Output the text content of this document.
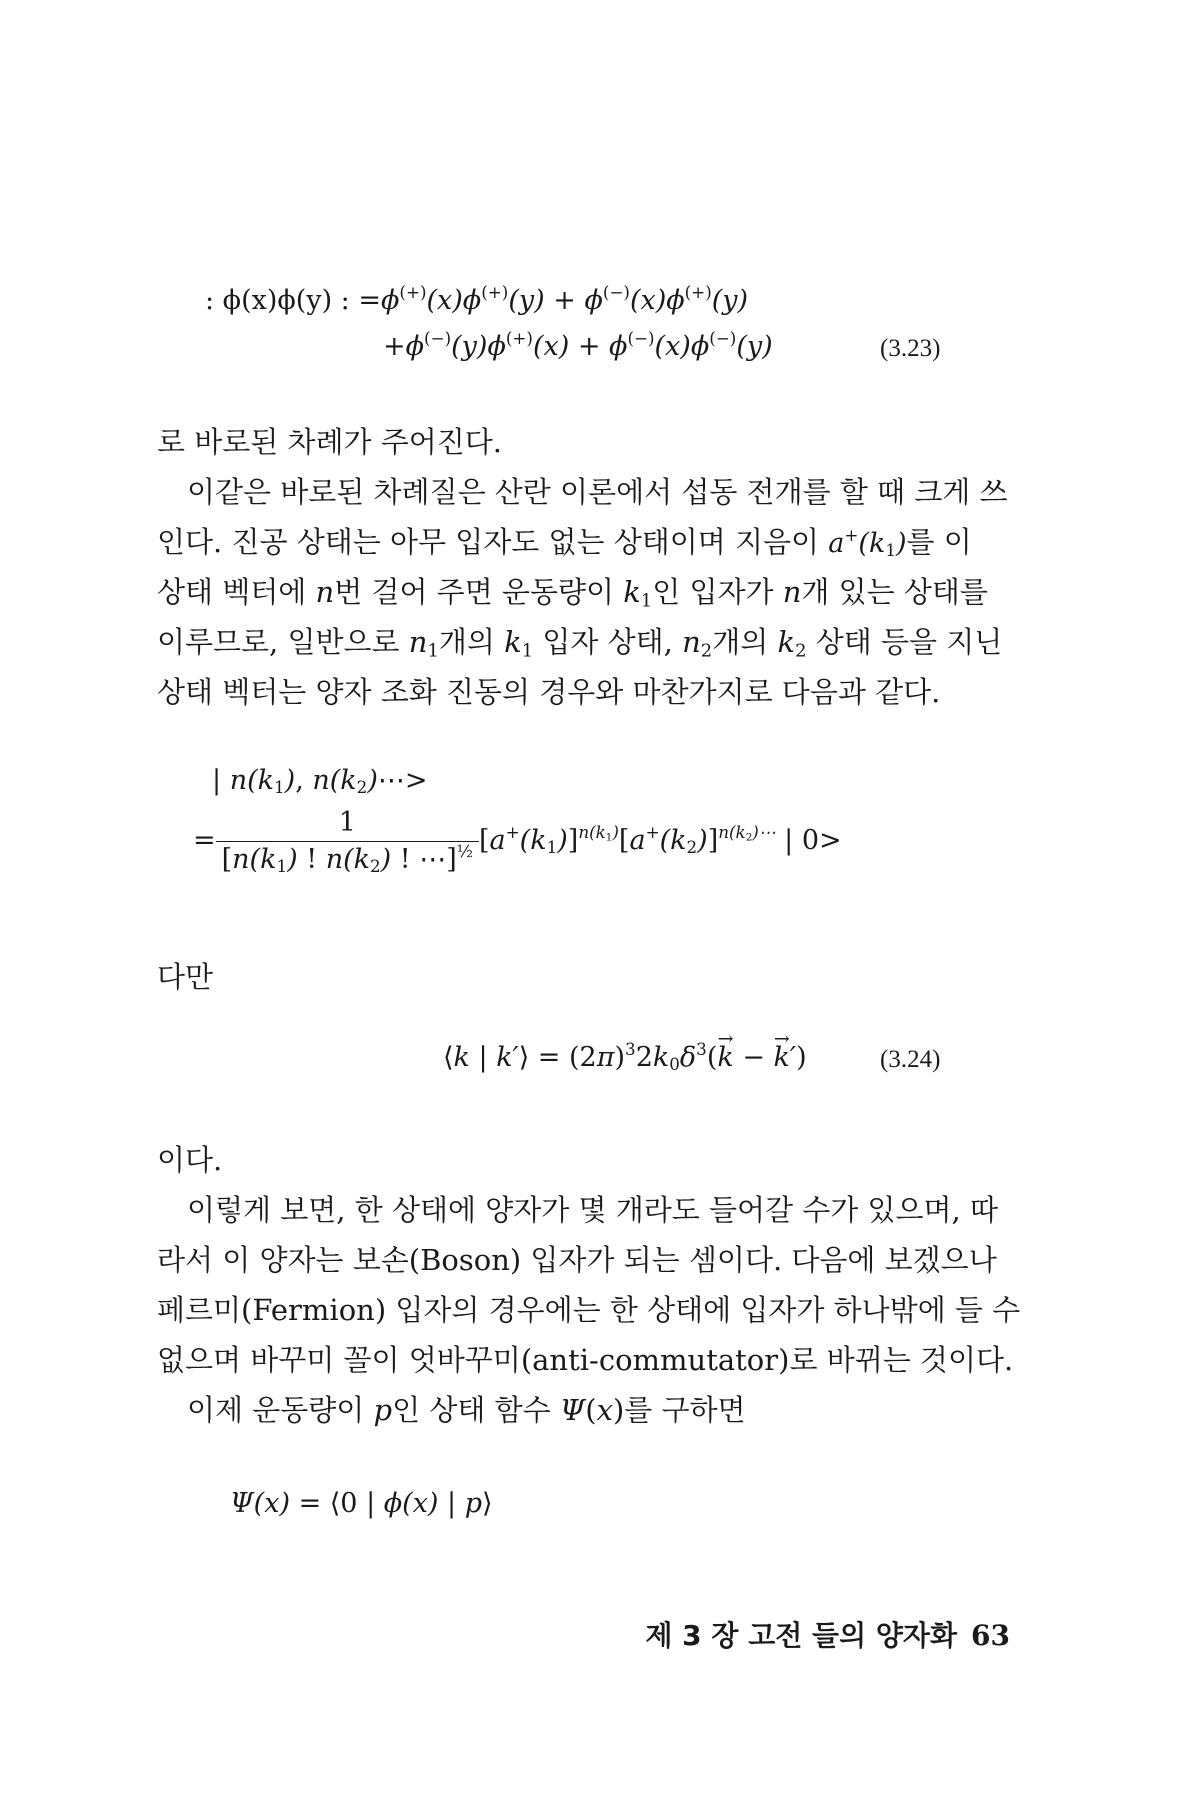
: ϕ(x)ϕ(y) : =ϕ(+)(x)ϕ(+)(y) + ϕ(−)(x)ϕ(+)(y)
+ϕ(−)(y)ϕ(+)(x) + ϕ(−)(x)ϕ(−)(y)	(3.23)
로 바로된 차례가 주어진다.
이같은 바로된 차례질은 산란 이론에서 섭동 전개를 할 때 크게 쓰
인다. 진공 상태는 아무 입자도 없는 상태이며 지음이 $a^+(k_1)$를 이
상태 벡터에 n번 걸어 주면 운동량이 $k_1$인 입자가 n개 있는 상태를
이루므로, 일반으로 $n_1$개의 $k_1$ 입자 상태, $n_2$개의 $k_2$ 상태 등을 지닌
상태 벡터는 양자 조화 진동의 경우와 마찬가지로 다음과 같다.
| $n(k_1)$, $n(k_2)\cdots>$
= $\frac{1}{[n(k_1) ! n(k_2) ! \cdots]^{\frac{1}{2}}} [a^+(k_1)]^{n(k_1)}[a^+(k_2)]^{n(k_2)\cdots}$ | 0>
다만
⟨k | k′⟩ = $(2\pi)^32k_0\delta^3(k$ → − k →′)	(3.24)
이다.
이렇게 보면, 한 상태에 양자가 몇 개라도 들어갈 수가 있으며, 따
라서 이 양자는 보손(Boson) 입자가 되는 셈이다. 다음에 보겠으나
페르미(Fermion) 입자의 경우에는 한 상태에 입자가 하나밖에 들 수
없으며 바꾸미 꼴이 엇바꾸미(anti-commutator)로 바뀌는 것이다.
이제 운동량이 p인 상태 함수 Ψ(x)를 구하면
Ψ(x) = ⟨0 | ϕ(x) | p⟩
제 3 장 고전 들의 양자화 63
